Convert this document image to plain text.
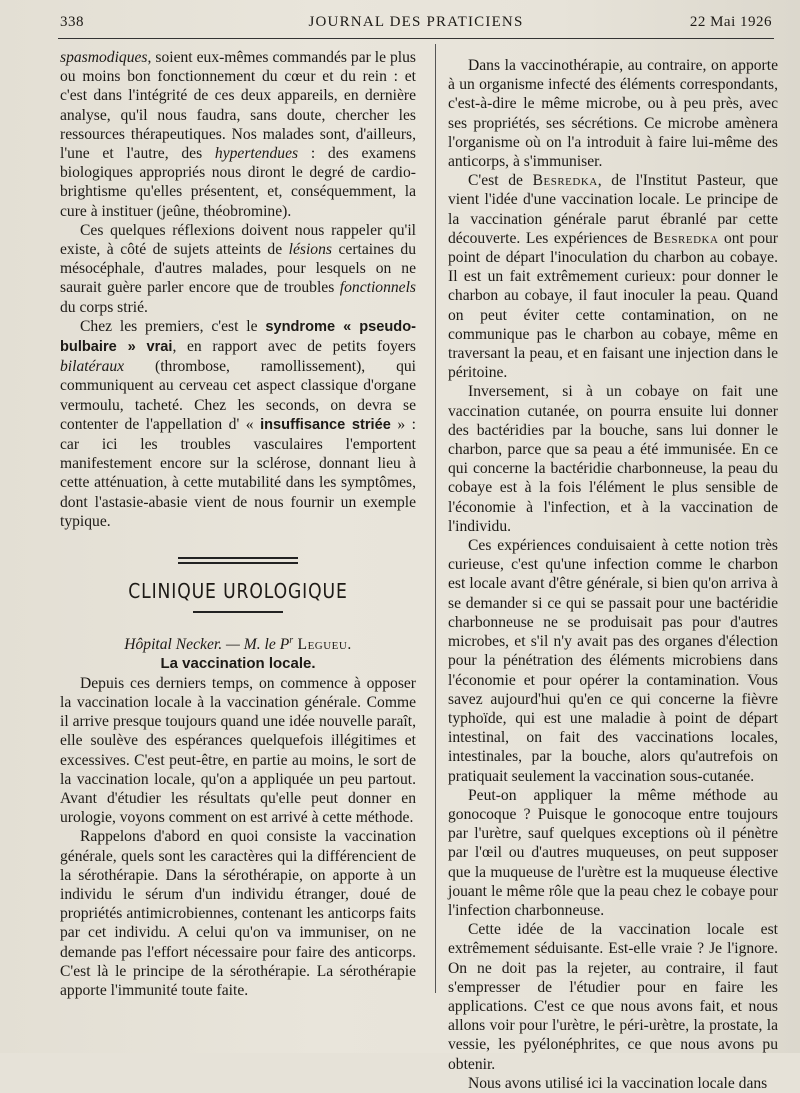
338	JOURNAL DES PRATICIENS	22 Mai 1926

spasmodiques, soient eux-mêmes commandés par le plus ou moins bon fonctionnement du cœur et du rein : et c'est dans l'intégrité de ces deux appareils, en dernière analyse, qu'il nous faudra, sans doute, chercher les ressources thérapeutiques. Nos malades sont, d'ailleurs, l'une et l'autre, des hypertendues : des examens biologiques appropriés nous diront le degré de cardio-brightisme qu'elles présentent, et, conséquemment, la cure à instituer (jeûne, théobromine).

Ces quelques réflexions doivent nous rappeler qu'il existe, à côté de sujets atteints de lésions certaines du mésocéphale, d'autres malades, pour lesquels on ne saurait guère parler encore que de troubles fonctionnels du corps strié.

Chez les premiers, c'est le syndrome « pseudo-bulbaire » vrai, en rapport avec de petits foyers bilatéraux (thrombose, ramollissement), qui communiquent au cerveau cet aspect classique d'organe vermoulu, tacheté. Chez les seconds, on devra se contenter de l'appellation d' « insuffisance striée » : car ici les troubles vasculaires l'emportent manifestement encore sur la sclérose, donnant lieu à cette atténuation, à cette mutabilité dans les symptômes, dont l'astasie-abasie vient de nous fournir un exemple typique.

CLINIQUE UROLOGIQUE

Hôpital Necker. — M. le $P^r$ Legueu.

La vaccination locale.

Depuis ces derniers temps, on commence à opposer la vaccination locale à la vaccination générale. Comme il arrive presque toujours quand une idée nouvelle paraît, elle soulève des espérances quelquefois illégitimes et excessives. C'est peut-être, en partie au moins, le sort de la vaccination locale, qu'on a appliquée un peu partout. Avant d'étudier les résultats qu'elle peut donner en urologie, voyons comment on est arrivé à cette méthode.

Rappelons d'abord en quoi consiste la vaccination générale, quels sont les caractères qui la différencient de la sérothérapie. Dans la sérothérapie, on apporte à un individu le sérum d'un individu étranger, doué de propriétés antimicrobiennes, contenant les anticorps faits par cet individu. A celui qu'on va immuniser, on ne demande pas l'effort nécessaire pour faire des anticorps. C'est là le principe de la sérothérapie. La sérothérapie apporte l'immunité toute faite.

Dans la vaccinothérapie, au contraire, on apporte à un organisme infecté des éléments correspondants, c'est-à-dire le même microbe, ou à peu près, avec ses propriétés, ses sécrétions. Ce microbe amènera l'organisme où on l'a introduit à faire lui-même des anticorps, à s'immuniser.

C'est de Besredka, de l'Institut Pasteur, que vient l'idée d'une vaccination locale. Le principe de la vaccination générale parut ébranlé par cette découverte. Les expériences de Besredka ont pour point de départ l'inoculation du charbon au cobaye. Il est un fait extrêmement curieux: pour donner le charbon au cobaye, il faut inoculer la peau. Quand on peut éviter cette contamination, on ne communique pas le charbon au cobaye, même en traversant la peau, et en faisant une injection dans le péritoine.

Inversement, si à un cobaye on fait une vaccination cutanée, on pourra ensuite lui donner des bactéridies par la bouche, sans lui donner le charbon, parce que sa peau a été immunisée. En ce qui concerne la bactéridie charbonneuse, la peau du cobaye est à la fois l'élément le plus sensible de l'économie à l'infection, et à la vaccination de l'individu.

Ces expériences conduisaient à cette notion très curieuse, c'est qu'une infection comme le charbon est locale avant d'être générale, si bien qu'on arriva à se demander si ce qui se passait pour une bactéridie charbonneuse ne se produisait pas pour d'autres microbes, et s'il n'y avait pas des organes d'élection pour la pénétration des éléments microbiens dans l'économie et pour opérer la contamination. Vous savez aujourd'hui qu'en ce qui concerne la fièvre typhoïde, qui est une maladie à point de départ intestinal, on fait des vaccinations locales, intestinales, par la bouche, alors qu'autrefois on pratiquait seulement la vaccination sous-cutanée.

Peut-on appliquer la même méthode au gonocoque ? Puisque le gonocoque entre toujours par l'urètre, sauf quelques exceptions où il pénètre par l'œil ou d'autres muqueuses, on peut supposer que la muqueuse de l'urètre est la muqueuse élective jouant le même rôle que la peau chez le cobaye pour l'infection charbonneuse.

Cette idée de la vaccination locale est extrêmement séduisante. Est-elle vraie ? Je l'ignore. On ne doit pas la rejeter, au contraire, il faut s'empresser de l'étudier pour en faire les applications. C'est ce que nous avons fait, et nous allons voir pour l'urètre, le péri-urètre, la prostate, la vessie, les pyélonéphrites, ce que nous avons pu obtenir.

Nous avons utilisé ici la vaccination locale dans
